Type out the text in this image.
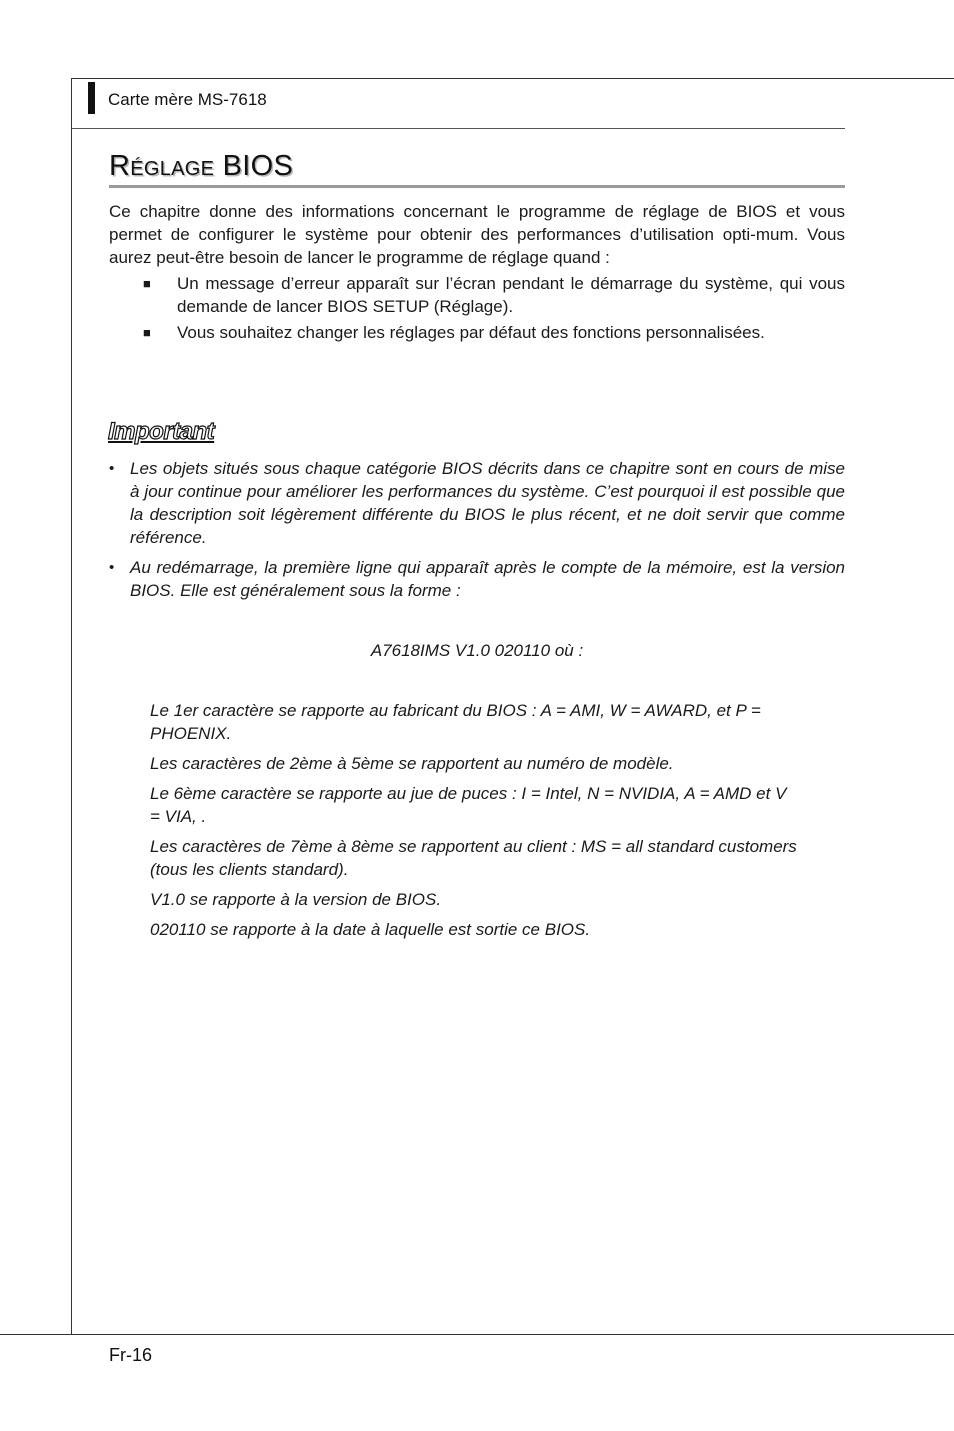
Carte mère MS-7618
Réglage BIOS

Ce chapitre donne des informations concernant le programme de réglage de BIOS et vous permet de configurer le système pour obtenir des performances d’utilisation opti-mum. Vous aurez peut-être besoin de lancer le programme de réglage quand :

■ Un message d’erreur apparaît sur l’écran pendant le démarrage du système, qui vous demande de lancer BIOS SETUP (Réglage).
■ Vous souhaitez changer les réglages par défaut des fonctions personnalisées.
Important
• Les objets situés sous chaque catégorie BIOS décrits dans ce chapitre sont en cours de mise à jour continue pour améliorer les performances du système. C’est pourquoi il est possible que la description soit légèrement différente du BIOS le plus récent, et ne doit servir que comme référence.
• Au redémarrage, la première ligne qui apparaît après le compte de la mémoire, est la version BIOS. Elle est généralement sous la forme :
A7618IMS V1.0 020110 où :

Le 1er caractère se rapporte au fabricant du BIOS : A = AMI, W = AWARD, et P = PHOENIX.

Les caractères de 2ème à 5ème se rapportent au numéro de modèle.

Le 6ème caractère se rapporte au jue de puces : I = Intel, N = NVIDIA, A = AMD et V = VIA, .

Les caractères de 7ème à 8ème se rapportent au client : MS = all standard customers (tous les clients standard).

V1.0 se rapporte à la version de BIOS.

020110 se rapporte à la date à laquelle est sortie ce BIOS.

Fr-16
